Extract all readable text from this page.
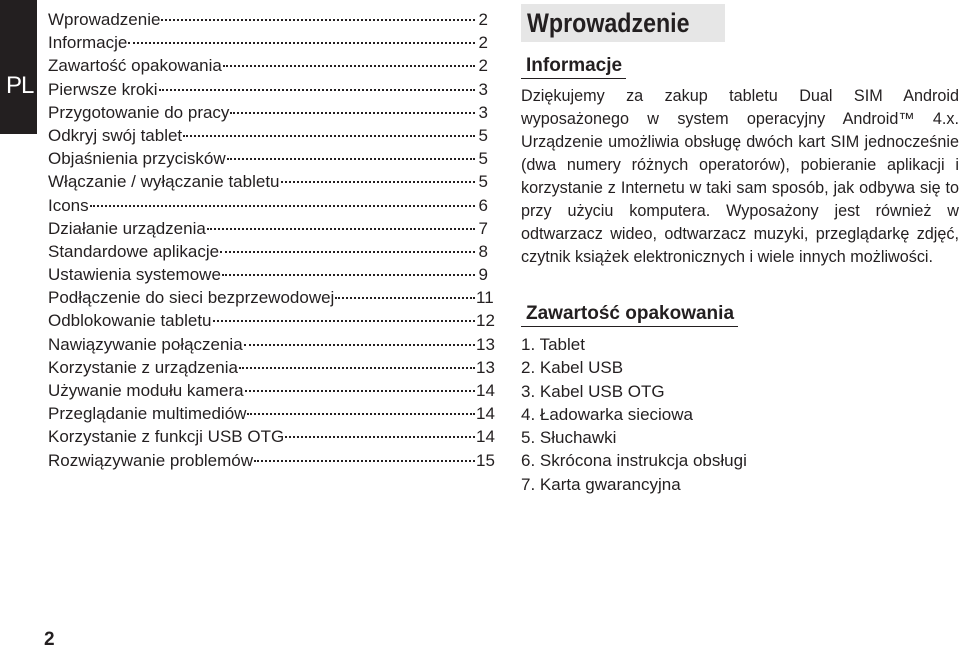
PL
Wprowadzenie	2
Informacje	2
Zawartość opakowania	2
Pierwsze kroki	3
Przygotowanie do pracy	3
Odkryj swój tablet	5
Objaśnienia przycisków	5
Włączanie / wyłączanie tabletu	5
Icons	6
Działanie urządzenia	7
Standardowe aplikacje	8
Ustawienia systemowe	9
Podłączenie do sieci bezprzewodowej	11
Odblokowanie tabletu	12
Nawiązywanie połączenia	13
Korzystanie z urządzenia	13
Używanie modułu kamera	14
Przeglądanie multimediów	14
Korzystanie z funkcji USB OTG	14
Rozwiązywanie problemów	15
Wprowadzenie
Informacje

Dziękujemy za zakup tabletu Dual SIM Android wyposażonego w system operacyjny Android™ 4.x. Urządzenie umożliwia obsługę dwóch kart SIM jednocześnie (dwa numery różnych operatorów), pobieranie aplikacji i korzystanie z Internetu w taki sam sposób, jak odbywa się to przy użyciu komputera. Wyposażony jest również w odtwarzacz wideo, odtwarzacz muzyki, przeglądarkę zdjęć, czytnik książek elektronicznych i wiele innych możliwości.

Zawartość opakowania
1. Tablet
2. Kabel USB
3. Kabel USB OTG
4. Ładowarka sieciowa
5. Słuchawki
6. Skrócona instrukcja obsługi
7. Karta gwarancyjna
2
